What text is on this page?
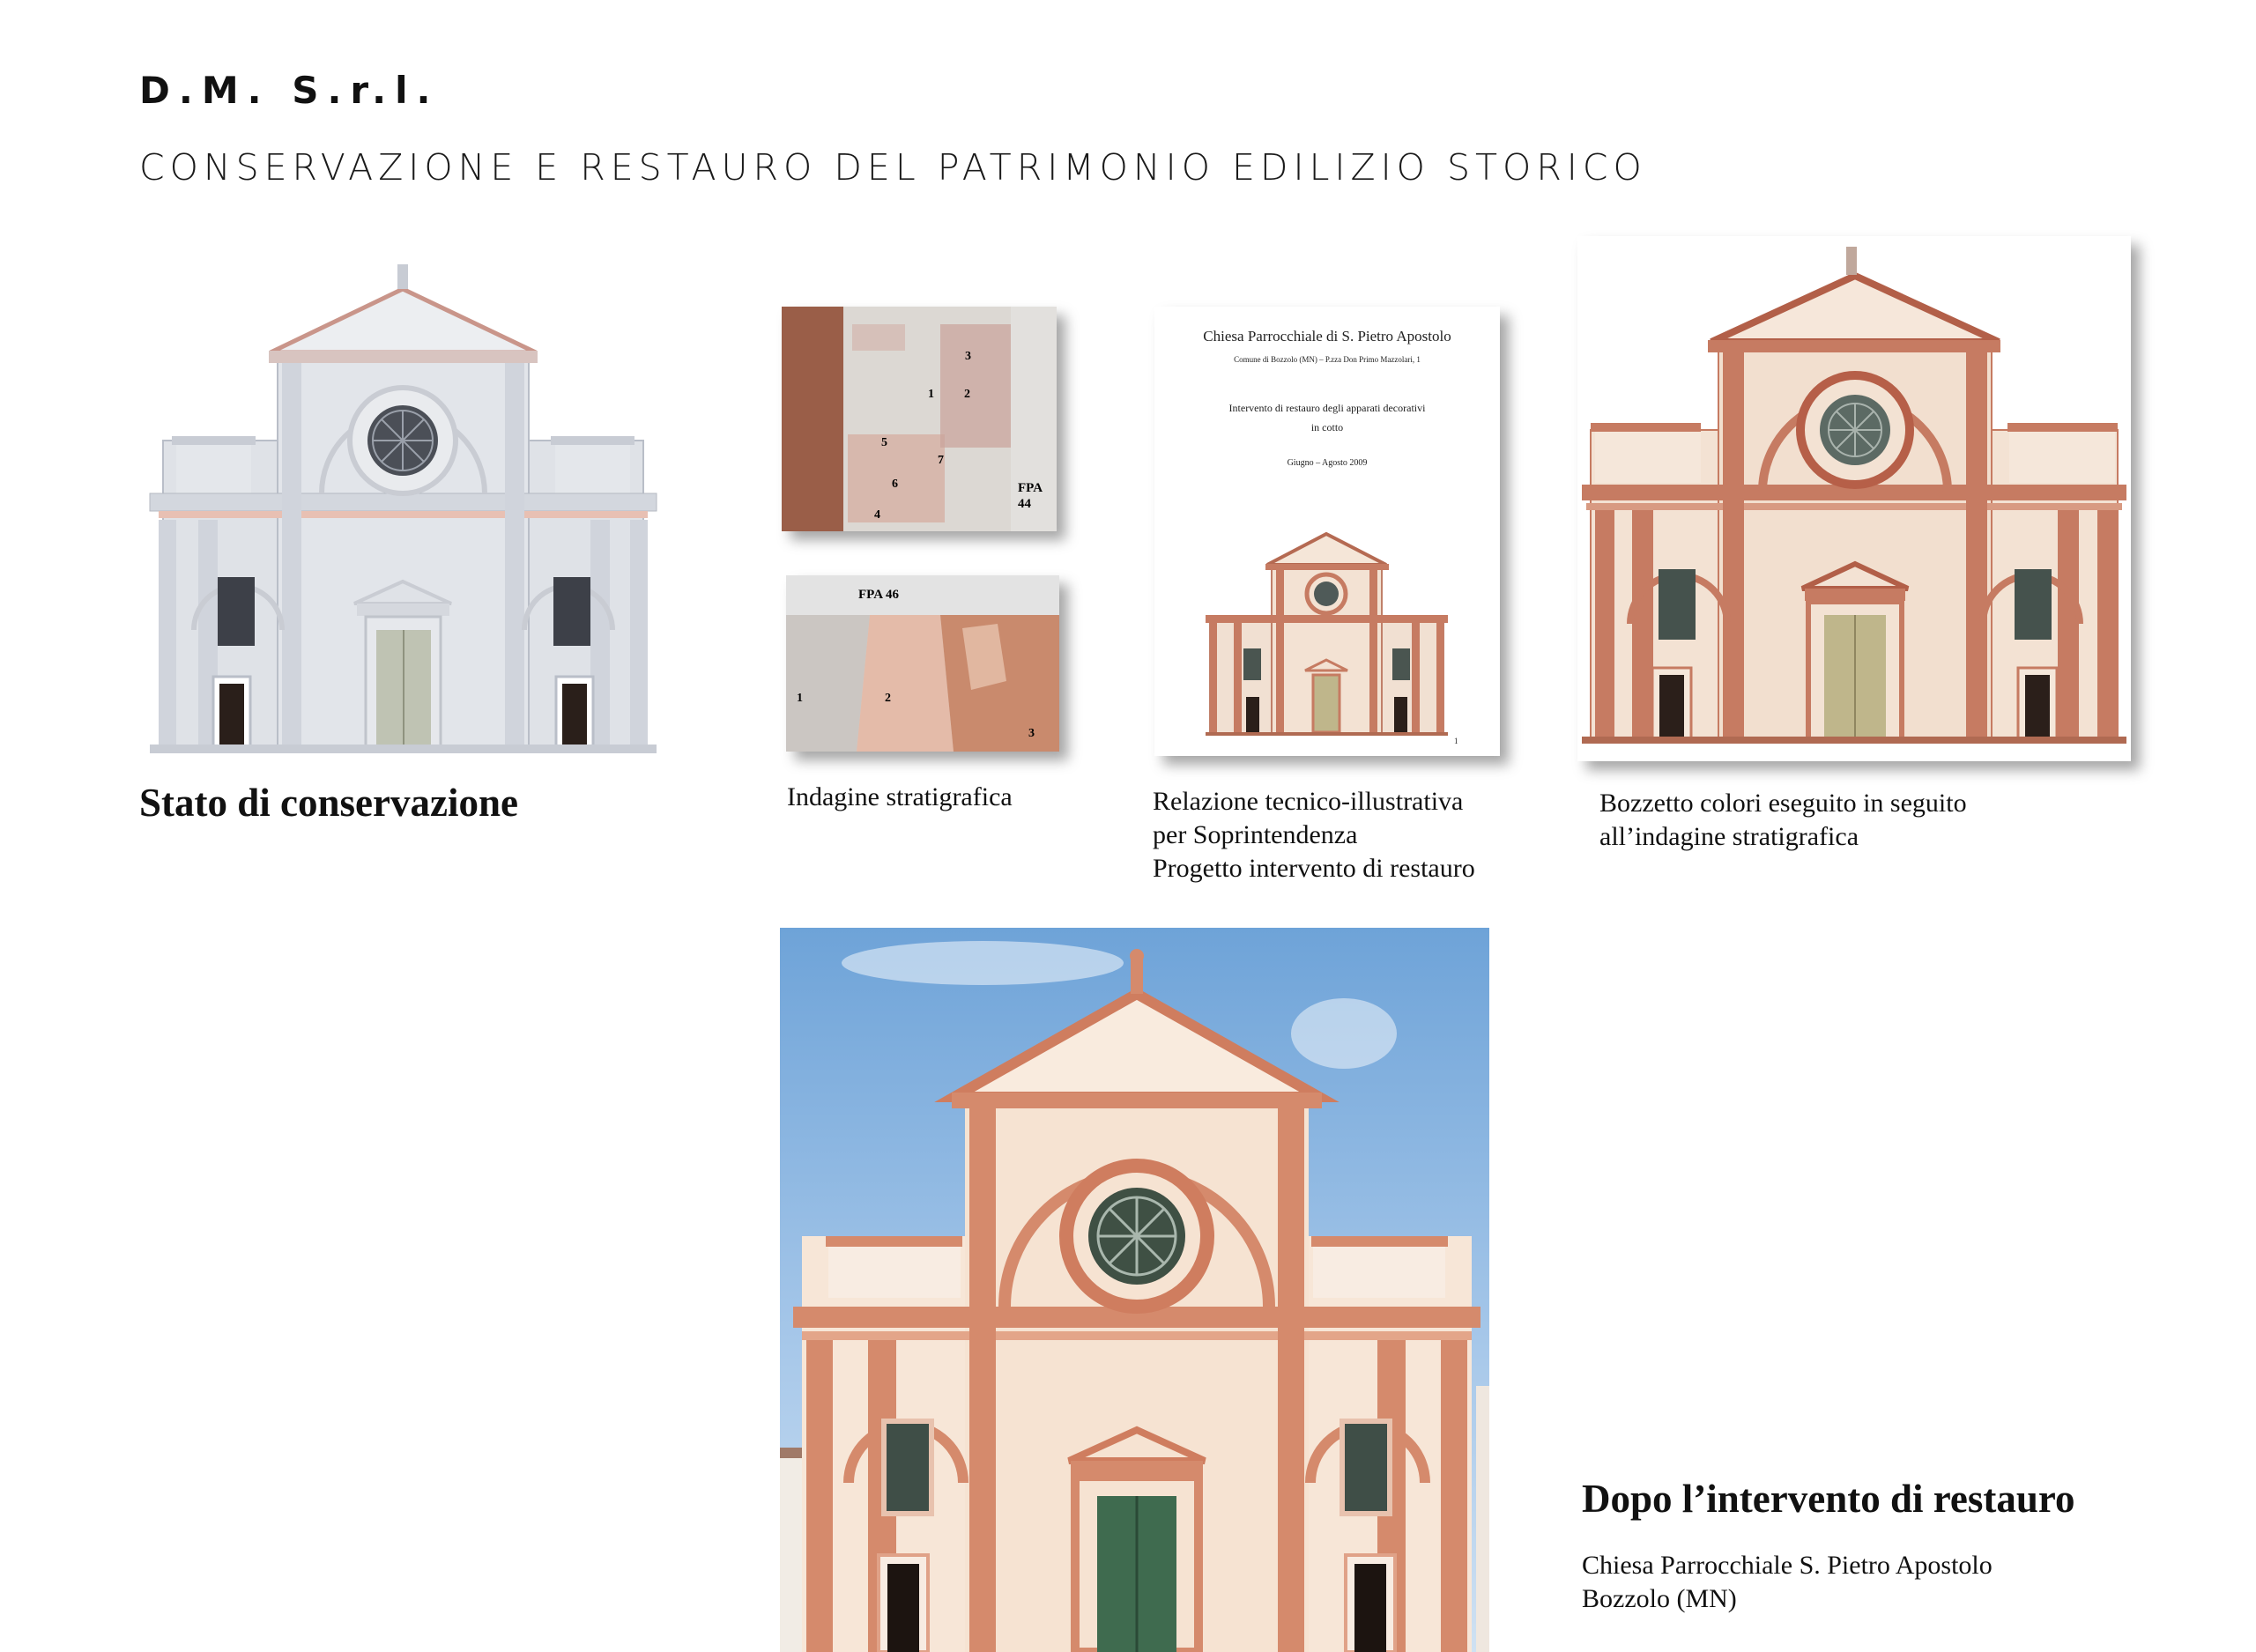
D.M. S.r.l.
CONSERVAZIONE E RESTAURO DEL PATRIMONIO EDILIZIO STORICO
Stato di conservazione
3
1 2
5
7
6
4
FPA 44
FPA 46
1	2
3
Indagine stratigrafica
Chiesa Parrocchiale di S. Pietro Apostolo
Comune di Bozzolo (MN) – P.zza Don Primo Mazzolari, 1
Intervento di restauro degli apparati decorativi
in cotto
Giugno – Agosto 2009
1
Relazione tecnico-illustrativa
per Soprintendenza
Progetto intervento di restauro
Bozzetto colori eseguito in seguito
all’indagine stratigrafica
Dopo l’intervento di restauro
Chiesa Parrocchiale S. Pietro Apostolo
Bozzolo (MN)
